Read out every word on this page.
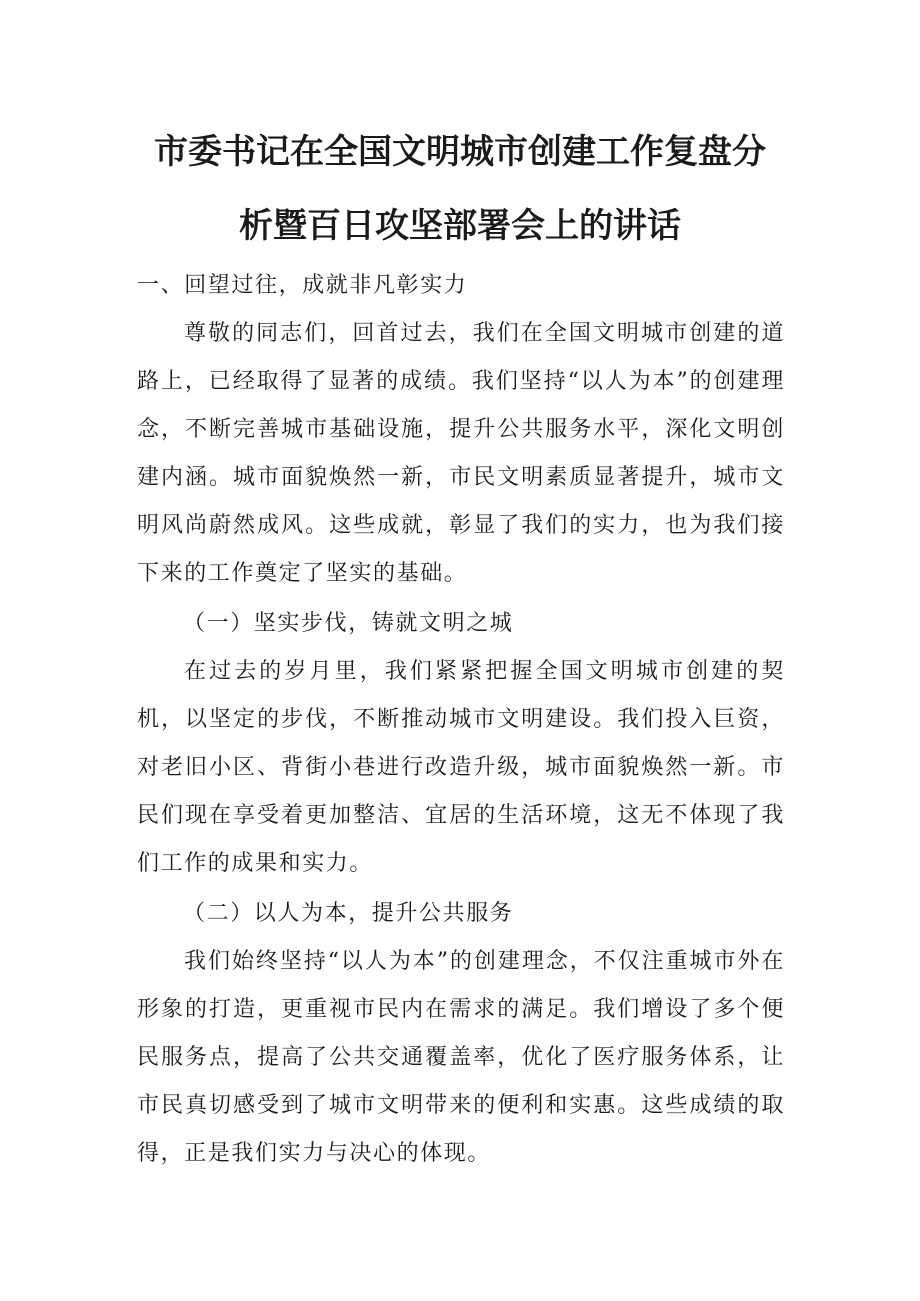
市委书记在全国文明城市创建工作复盘分
析暨百日攻坚部署会上的讲话

一、回望过往，成就非凡彰实力

尊敬的同志们，回首过去，我们在全国文明城市创建的道路上，已经取得了显著的成绩。我们坚持“以人为本”的创建理念，不断完善城市基础设施，提升公共服务水平，深化文明创建内涵。城市面貌焕然一新，市民文明素质显著提升，城市文明风尚蔚然成风。这些成就，彰显了我们的实力，也为我们接下来的工作奠定了坚实的基础。

（一）坚实步伐，铸就文明之城

在过去的岁月里，我们紧紧把握全国文明城市创建的契机，以坚定的步伐，不断推动城市文明建设。我们投入巨资，对老旧小区、背街小巷进行改造升级，城市面貌焕然一新。市民们现在享受着更加整洁、宜居的生活环境，这无不体现了我们工作的成果和实力。

（二）以人为本，提升公共服务

我们始终坚持“以人为本”的创建理念，不仅注重城市外在形象的打造，更重视市民内在需求的满足。我们增设了多个便民服务点，提高了公共交通覆盖率，优化了医疗服务体系，让市民真切感受到了城市文明带来的便利和实惠。这些成绩的取得，正是我们实力与决心的体现。
